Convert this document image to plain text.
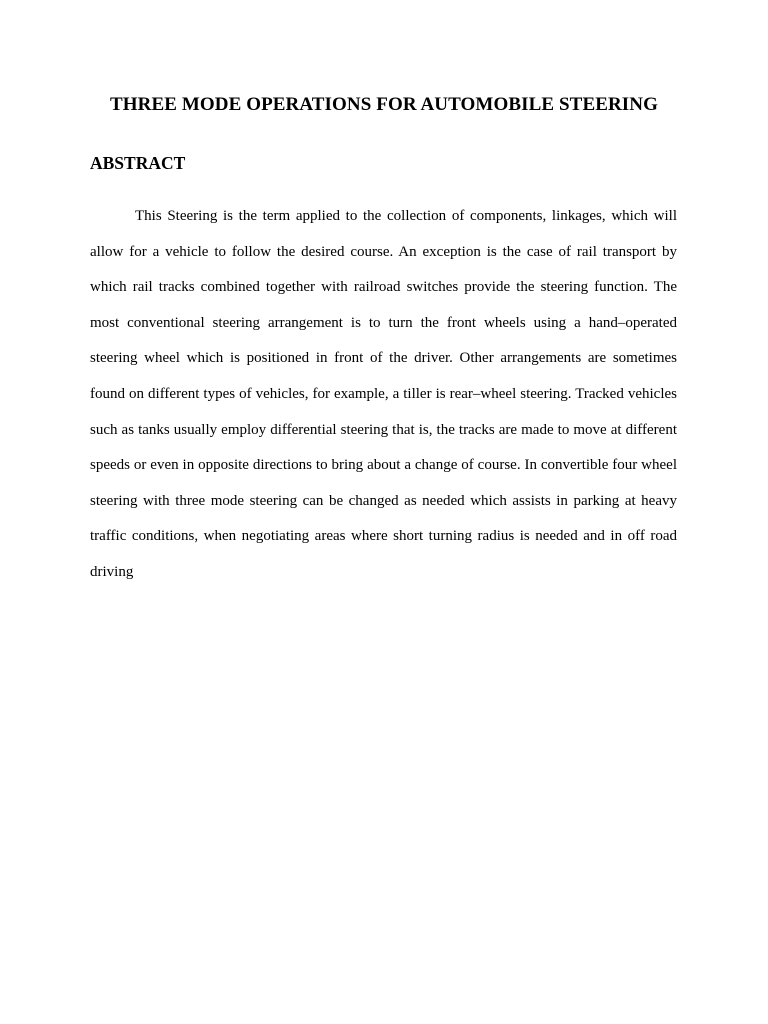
THREE MODE OPERATIONS FOR AUTOMOBILE STEERING
ABSTRACT

This Steering is the term applied to the collection of components, linkages, which will allow for a vehicle to follow the desired course. An exception is the case of rail transport by which rail tracks combined together with railroad switches provide the steering function. The most conventional steering arrangement is to turn the front wheels using a hand–operated steering wheel which is positioned in front of the driver. Other arrangements are sometimes found on different types of vehicles, for example, a tiller is rear–wheel steering. Tracked vehicles such as tanks usually employ differential steering that is, the tracks are made to move at different speeds or even in opposite directions to bring about a change of course. In convertible four wheel steering with three mode steering can be changed as needed which assists in parking at heavy traffic conditions, when negotiating areas where short turning radius is needed and in off road driving
